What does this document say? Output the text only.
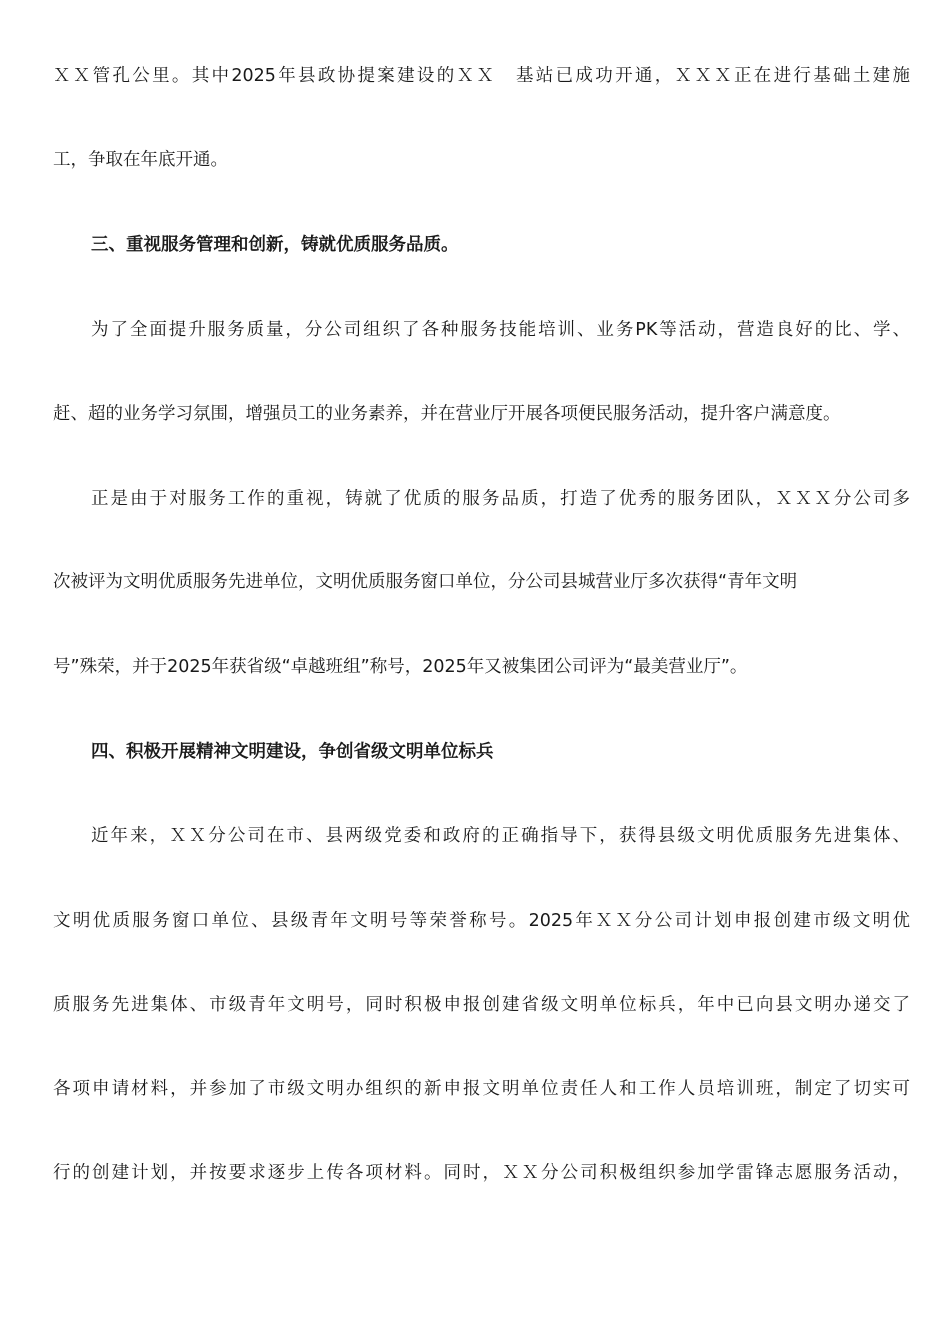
ＸＸ管孔公里。其中2025年县政协提案建设的ＸＸ　基站已成功开通，ＸＸＸ正在进行基础土建施
工，争取在年底开通。
三、重视服务管理和创新，铸就优质服务品质。
为了全面提升服务质量，分公司组织了各种服务技能培训、业务PK等活动，营造良好的比、学、
赶、超的业务学习氛围，增强员工的业务素养，并在营业厅开展各项便民服务活动，提升客户满意度。
正是由于对服务工作的重视，铸就了优质的服务品质，打造了优秀的服务团队，ＸＸＸ分公司多
次被评为文明优质服务先进单位，文明优质服务窗口单位，分公司县城营业厅多次获得“青年文明
号”殊荣，并于2025年获省级“卓越班组”称号，2025年又被集团公司评为“最美营业厅”。
四、积极开展精神文明建设，争创省级文明单位标兵
近年来，ＸＸ分公司在市、县两级党委和政府的正确指导下，获得县级文明优质服务先进集体、
文明优质服务窗口单位、县级青年文明号等荣誉称号。2025年ＸＸ分公司计划申报创建市级文明优
质服务先进集体、市级青年文明号，同时积极申报创建省级文明单位标兵，年中已向县文明办递交了
各项申请材料，并参加了市级文明办组织的新申报文明单位责任人和工作人员培训班，制定了切实可
行的创建计划，并按要求逐步上传各项材料。同时，ＸＸ分公司积极组织参加学雷锋志愿服务活动，
